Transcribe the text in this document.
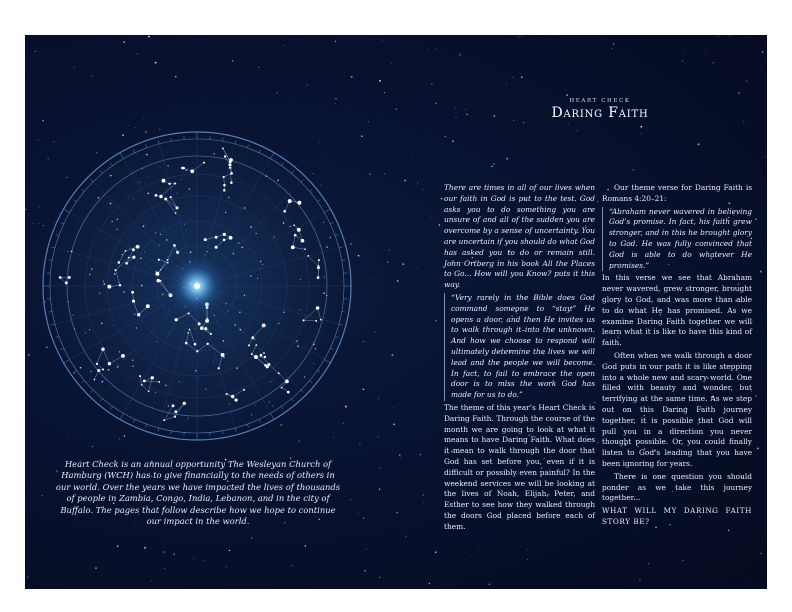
Heart Check is an annual opportunity The Wesleyan Church of Hamburg (WCH) has to give financially to the needs of others in our world. Over the years we have impacted the lives of thousands of people in Zambia, Congo, India, Lebanon, and in the city of Buffalo. The pages that follow describe how we hope to continue our impact in the world.
HEART CHECK
Daring Faith

There are times in all of our lives when our faith in God is put to the test. God asks you to do something you are unsure of and all of the sudden you are overcome by a sense of uncertainty. You are uncertain if you should do what God has asked you to do or remain still. John Ortberg in his book All the Places to Go... How will you Know? puts it this way.

“Very rarely in the Bible does God command someone to “stay.” He opens a door, and then He invites us to walk through it–into the unknown. And how we choose to respond will ultimately determine the lives we will lead and the people we will become. In fact, to fail to embrace the open door is to miss the work God has made for us to do.”

The theme of this year’s Heart Check is Daring Faith. Through the course of the month we are going to look at what it means to have Daring Faith. What does it mean to walk through the door that God has set before you, even if it is difficult or possibly even painful? In the weekend services we will be looking at the lives of Noah, Elijah, Peter, and Esther to see how they walked through the doors God placed before each of them.

Our theme verse for Daring Faith is Romans 4:20–21:

“Abraham never wavered in believing God’s promise. In fact, his faith grew stronger, and in this he brought glory to God. He was fully convinced that God is able to do whatever He promises.”

In this verse we see that Abraham never wavered, grew stronger, brought glory to God, and was more than able to do what He has promised. As we examine Daring Faith together we will learn what it is like to have this kind of faith.

Often when we walk through a door God puts in our path it is like stepping into a whole new and scary world. One filled with beauty and wonder, but terrifying at the same time. As we step out on this Daring Faith journey together, it is possible that God will pull you in a direction you never thought possible. Or, you could finally listen to God’s leading that you have been ignoring for years.

There is one question you should ponder as we take this journey together...

WHAT WILL MY DARING FAITH STORY BE?
